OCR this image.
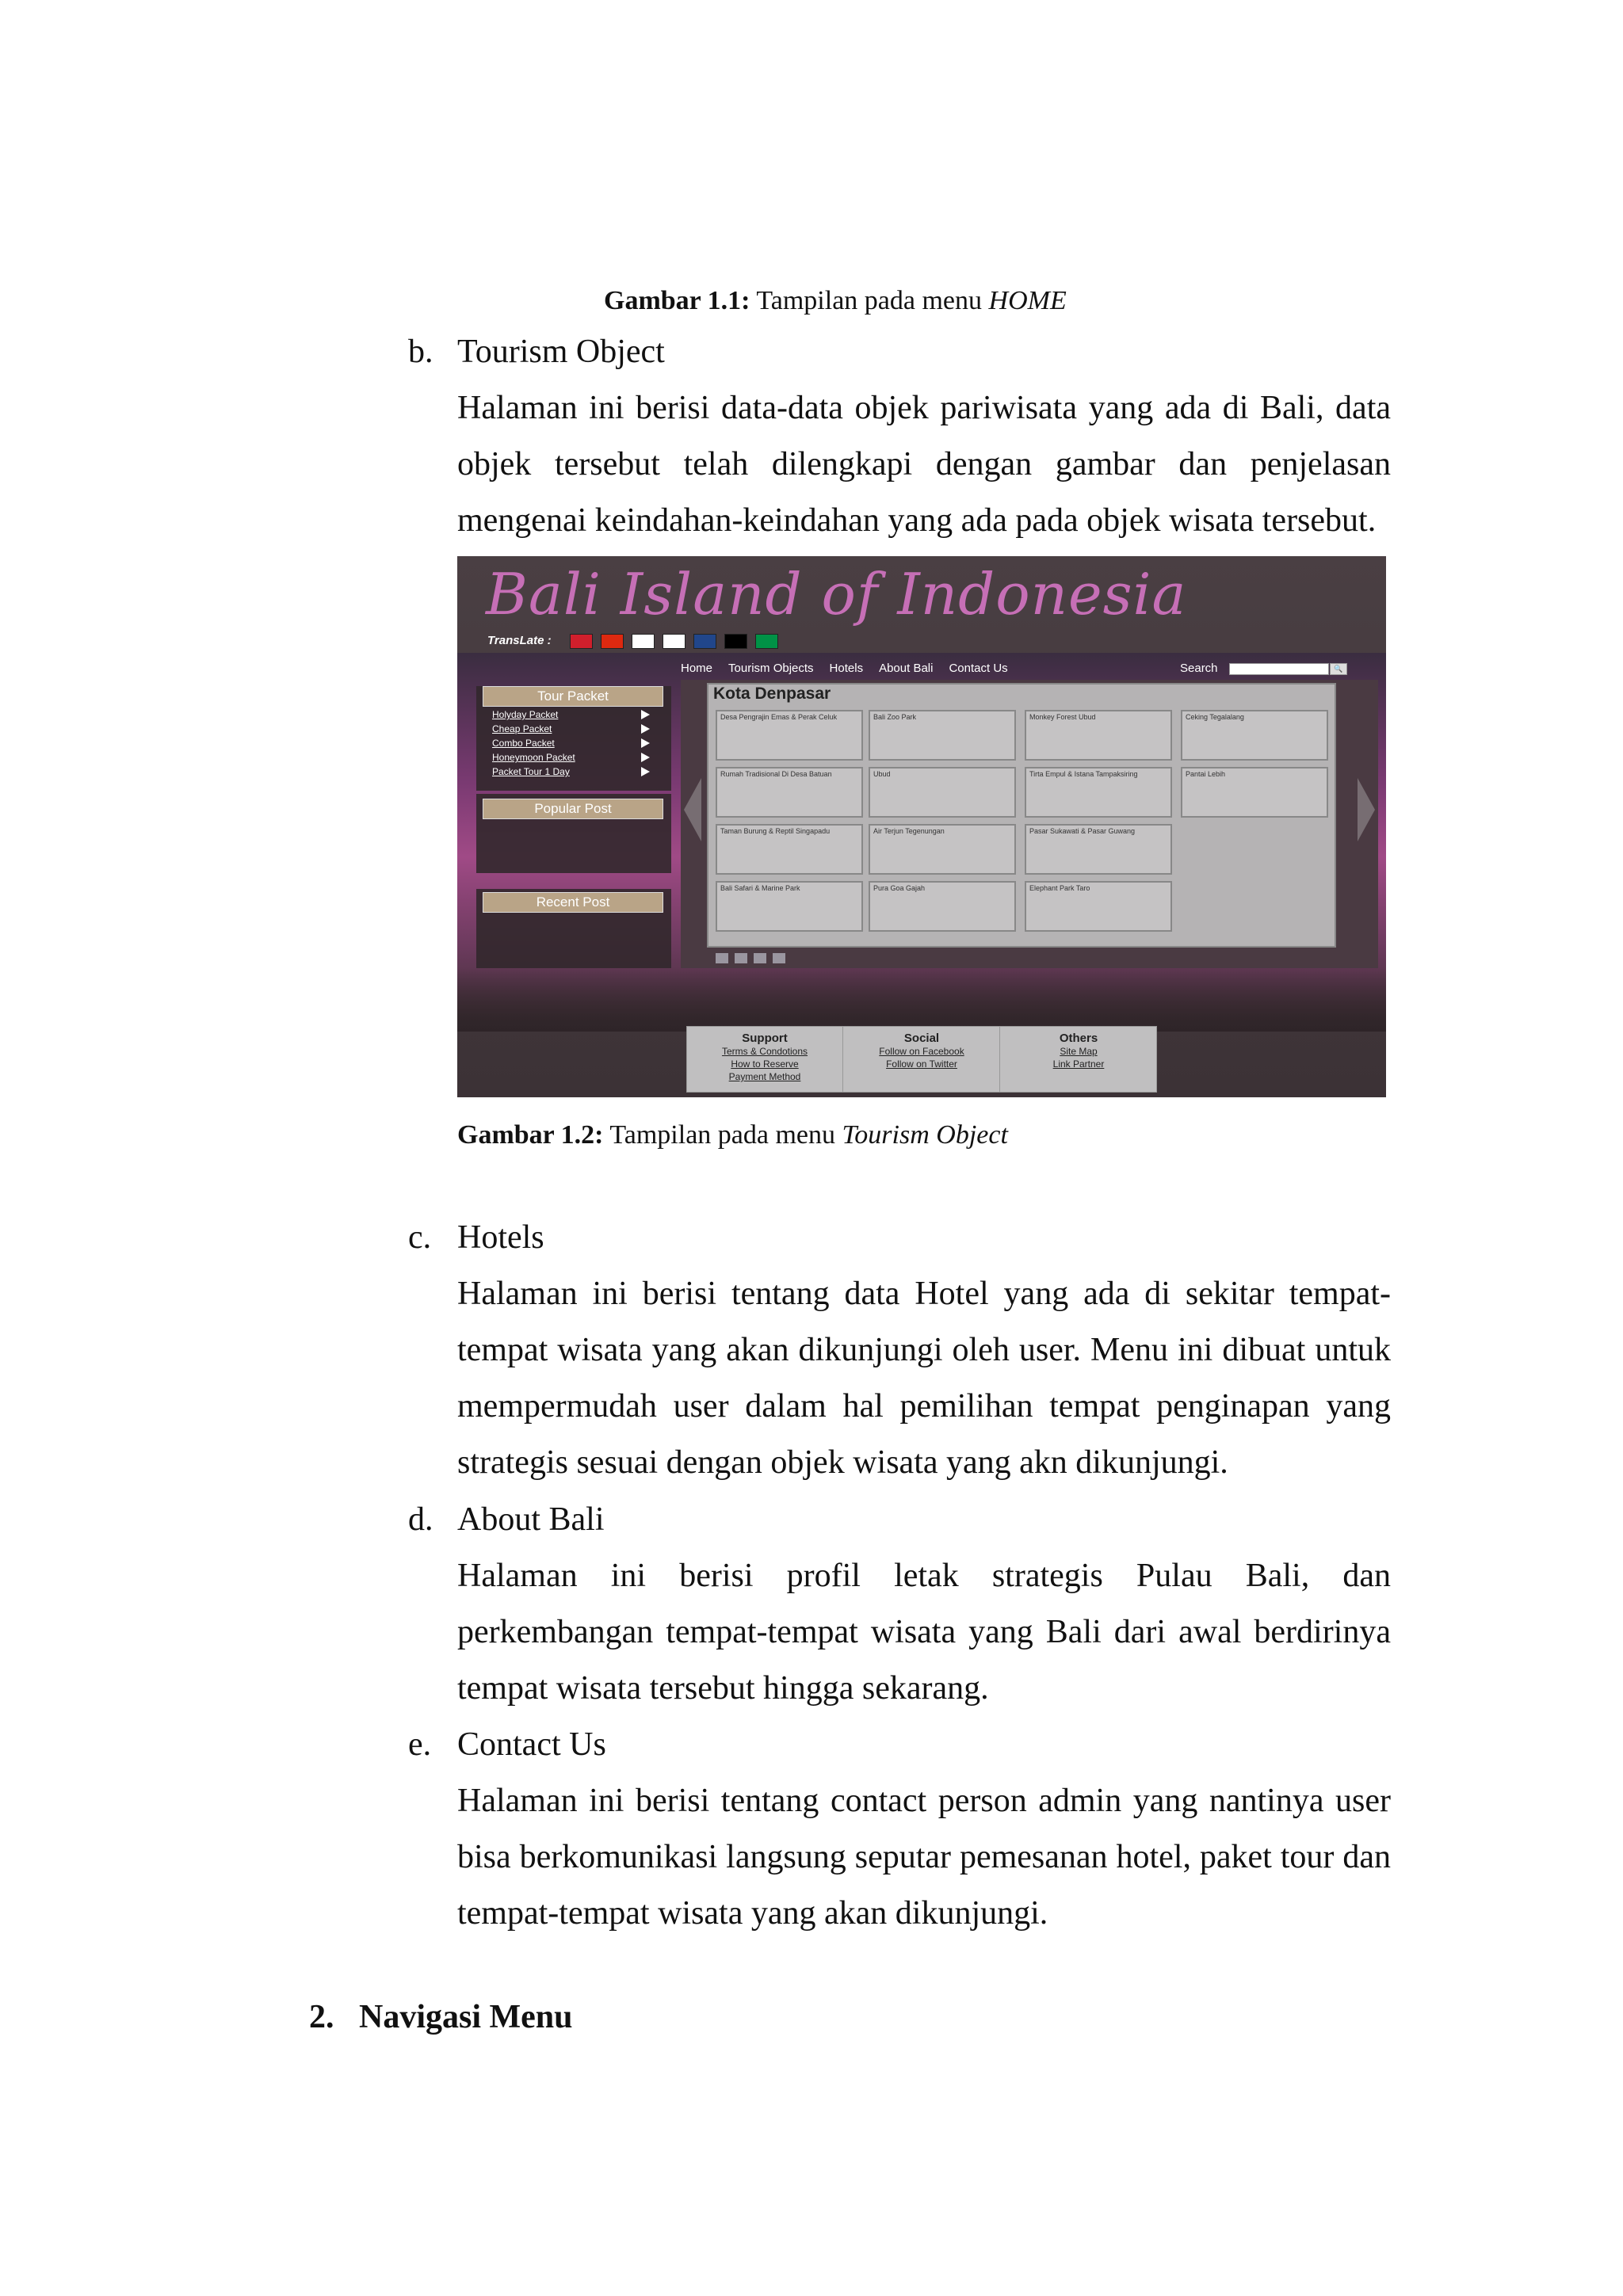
Gambar 1.1: Tampilan pada menu HOME
b. Tourism Object
Halaman ini berisi data-data objek pariwisata yang ada di Bali, data objek tersebut telah dilengkapi dengan gambar dan penjelasan mengenai keindahan-keindahan yang ada pada objek wisata tersebut.
Bali Island of Indonesia
TransLate :
Home Tourism Objects Hotels About Bali Contact Us	Search	🔍
Tour Packet
Holyday Packet
Cheap Packet
Combo Packet
Honeymoon Packet
Packet Tour 1 Day
Popular Post
Recent Post
Kota Denpasar
Desa Pengrajin Emas & Perak Celuk	Bali Zoo Park	Monkey Forest Ubud	Ceking Tegalalang
Rumah Tradisional Di Desa Batuan	Ubud	Tirta Empul & Istana Tampaksiring	Pantai Lebih
Taman Burung & Reptil Singapadu	Air Terjun Tegenungan	Pasar Sukawati & Pasar Guwang
Bali Safari & Marine Park	Pura Goa Gajah	Elephant Park Taro
Support
Terms & Condotions
How to Reserve
Payment Method
Social
Follow on Facebook
Follow on Twitter
Others
Site Map
Link Partner
Gambar 1.2: Tampilan pada menu Tourism Object
c. Hotels
Halaman ini berisi tentang data Hotel yang ada di sekitar tempat-tempat wisata yang akan dikunjungi oleh user. Menu ini dibuat untuk mempermudah user dalam hal pemilihan tempat penginapan yang strategis sesuai dengan objek wisata yang akn dikunjungi.
d. About Bali
Halaman ini berisi profil letak strategis Pulau Bali, dan perkembangan tempat-tempat wisata yang Bali dari awal berdirinya tempat wisata tersebut hingga sekarang.
e. Contact Us
Halaman ini berisi tentang contact person admin yang nantinya user bisa berkomunikasi langsung seputar pemesanan hotel, paket tour dan tempat-tempat wisata yang akan dikunjungi.
2. Navigasi Menu
